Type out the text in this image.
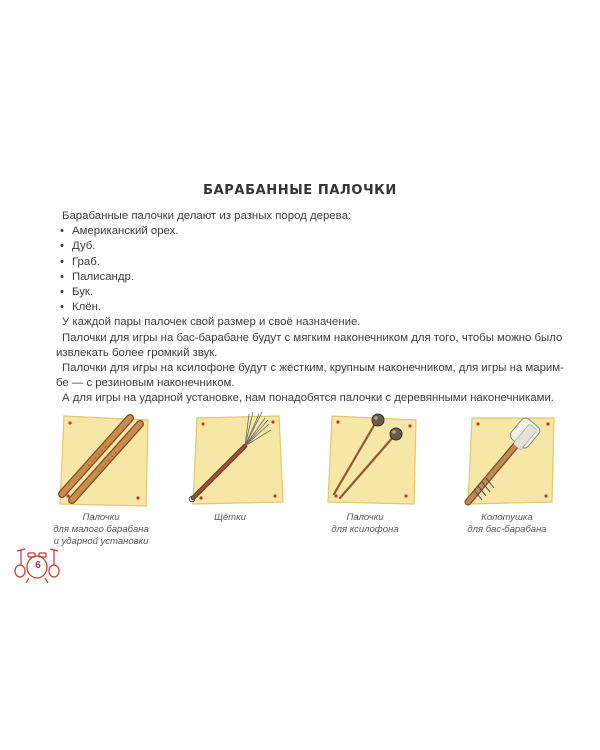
БАРАБАННЫЕ ПАЛОЧКИ

Барабанные палочки делают из разных пород дерева:

• Американский орех.
• Дуб.
• Граб.
• Палисандр.
• Бук.
• Клён.

У каждой пары палочек свой размер и своё назначение.

Палочки для игры на бас-барабане будут с мягким наконечником для того, чтобы можно было извлекать более громкий звук.

Палочки для игры на ксилофоне будут с жёстким, крупным наконечником, для игры на марим-бе — с резиновым наконечником.

А для игры на ударной установке, нам понадобятся палочки с деревянными наконечниками.

Палочки
для малого барабана
и ударной установки
Щётки	Палочки
для ксилофона
Колотушка
для бас-барабана
6
